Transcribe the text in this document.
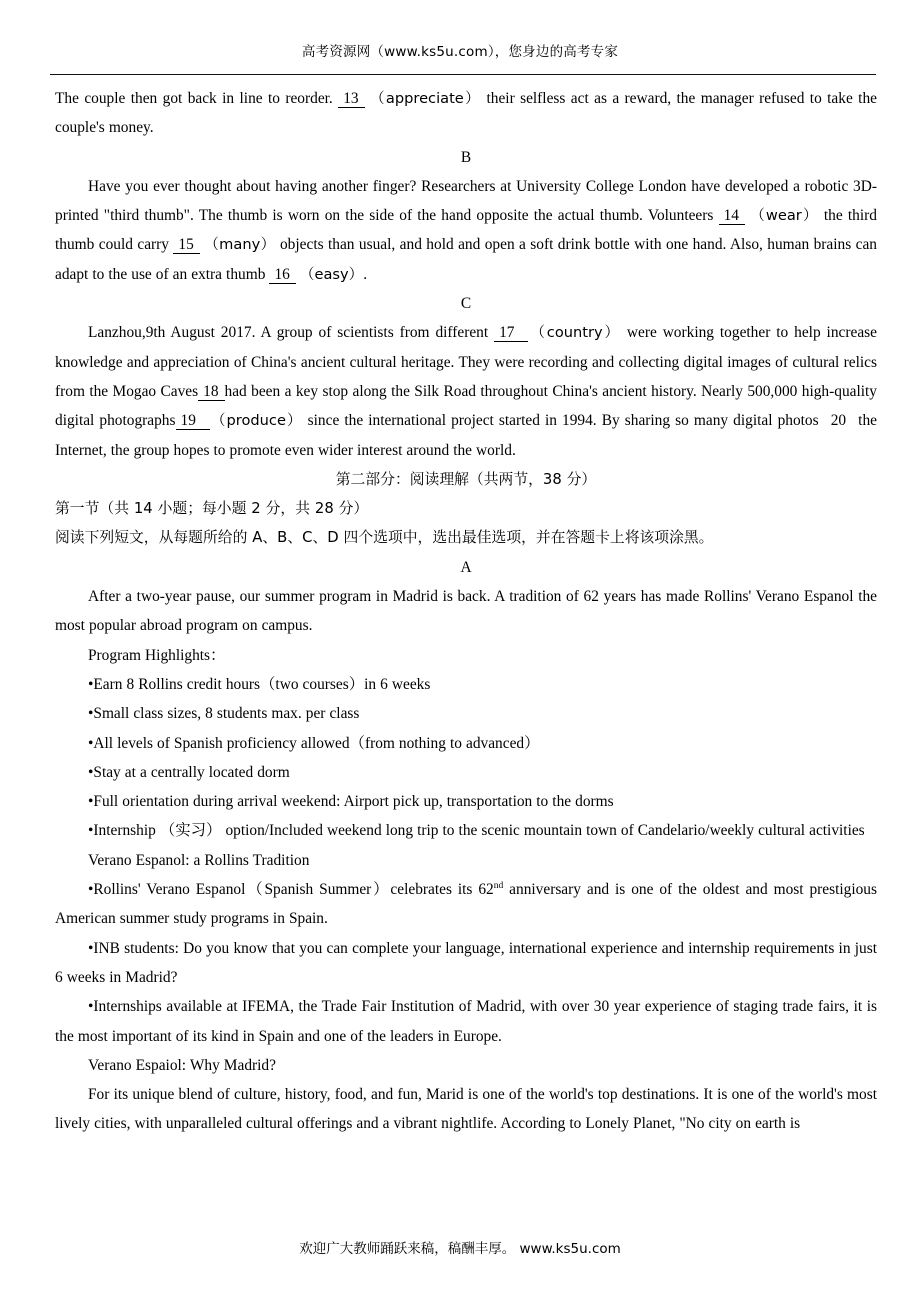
高考资源网（www.ks5u.com），您身边的高考专家

The couple then got back in line to reorder. 13 （appreciate） their selfless act as a reward, the manager refused to take the couple's money.

B

Have you ever thought about having another finger? Researchers at University College London have developed a robotic 3D-printed "third thumb". The thumb is worn on the side of the hand opposite the actual thumb. Volunteers 14 （wear） the third thumb could carry 15 （many） objects than usual, and hold and open a soft drink bottle with one hand. Also, human brains can adapt to the use of an extra thumb 16 （easy）.

C

Lanzhou,9th August 2017. A group of scientists from different 17 （country） were working together to help increase knowledge and appreciation of China's ancient cultural heritage. They were recording and collecting digital images of cultural relics from the Mogao Caves 18 had been a key stop along the Silk Road throughout China's ancient history. Nearly 500,000 high-quality digital photographs 19 （produce） since the international project started in 1994. By sharing so many digital photos 20 the Internet, the group hopes to promote even wider interest around the world.

第二部分：阅读理解（共两节，38 分）

第一节（共 14 小题；每小题 2 分，共 28 分）

阅读下列短文，从每题所给的 A、B、C、D 四个选项中，选出最佳选项，并在答题卡上将该项涂黑。

A

After a two-year pause, our summer program in Madrid is back. A tradition of 62 years has made Rollins' Verano Espanol the most popular abroad program on campus.

Program Highlights：

•Earn 8 Rollins credit hours（two courses）in 6 weeks

•Small class sizes, 8 students max. per class

•All levels of Spanish proficiency allowed（from nothing to advanced）

•Stay at a centrally located dorm

•Full orientation during arrival weekend: Airport pick up, transportation to the dorms

•Internship （实习） option/Included weekend long trip to the scenic mountain town of Candelario/weekly cultural activities

Verano Espanol: a Rollins Tradition

•Rollins' Verano Espanol（Spanish Summer）celebrates its 62nd anniversary and is one of the oldest and most prestigious American summer study programs in Spain.

•INB students: Do you know that you can complete your language, international experience and internship requirements in just 6 weeks in Madrid?

•Internships available at IFEMA, the Trade Fair Institution of Madrid, with over 30 year experience of staging trade fairs, it is the most important of its kind in Spain and one of the leaders in Europe.

Verano Espaiol: Why Madrid?

For its unique blend of culture, history, food, and fun, Marid is one of the world's top destinations. It is one of the world's most lively cities, with unparalleled cultural offerings and a vibrant nightlife. According to Lonely Planet, "No city on earth is

欢迎广大教师踊跃来稿，稿酬丰厚。 www.ks5u.com
